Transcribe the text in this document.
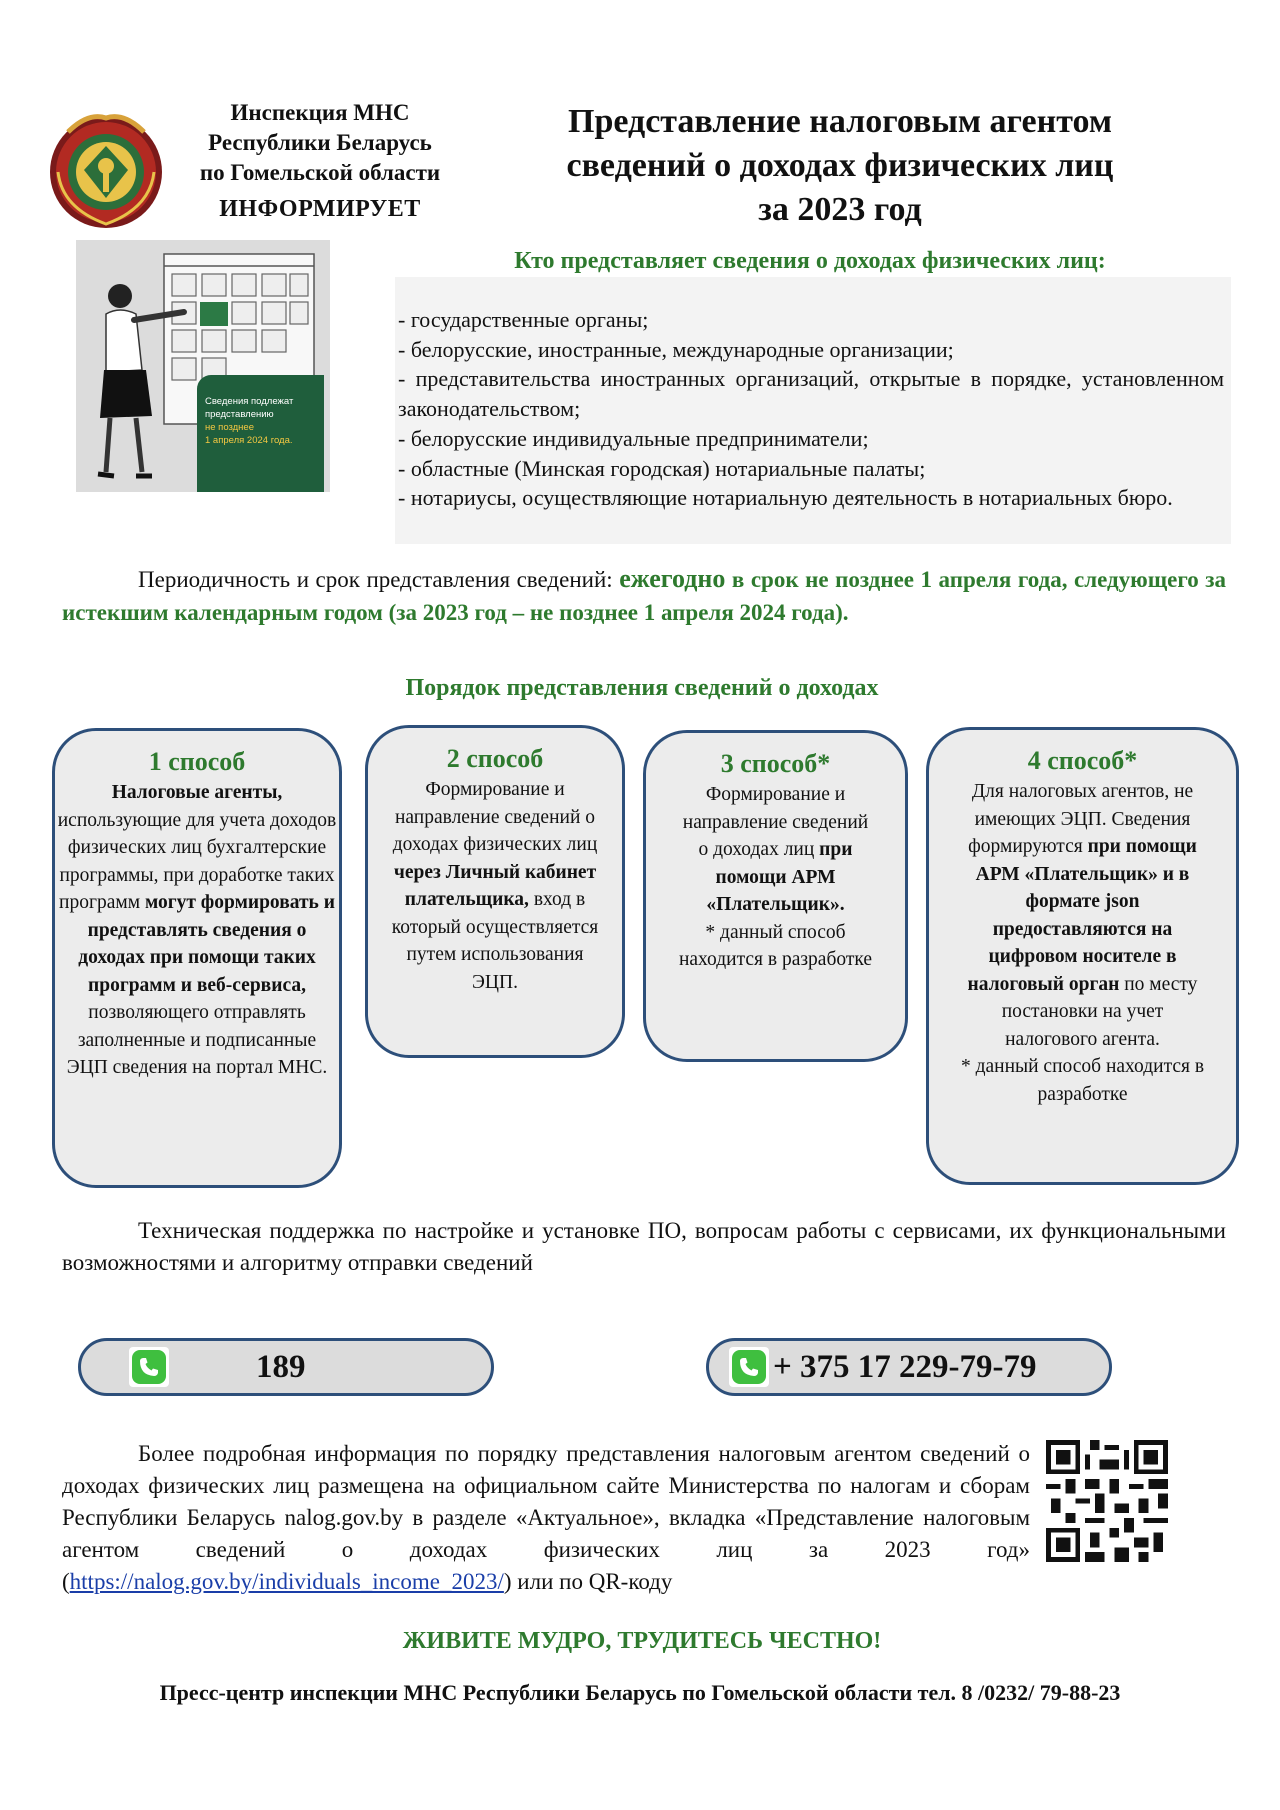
Инспекция МНС
Республики Беларусь
по Гомельской области
ИНФОРМИРУЕТ
Представление налоговым агентом
сведений о доходах физических лиц
за 2023 год
Сведения подлежат
представлению
не позднее
1 апреля 2024 года.
Кто представляет сведения о доходах физических лиц:
- государственные органы;
- белорусские, иностранные, международные организации;
- представительства иностранных организаций, открытые в порядке, установленном законодательством;
- белорусские индивидуальные предприниматели;
- областные (Минская городская) нотариальные палаты;
- нотариусы, осуществляющие нотариальную деятельность в нотариальных бюро.
Периодичность и срок представления сведений: ежегодно в срок не позднее 1 апреля года, следующего за истекшим календарным годом (за 2023 год – не позднее 1 апреля 2024 года).
Порядок представления сведений о доходах
1 способ
Налоговые агенты,
использующие для учета доходов физических лиц бухгалтерские программы, при доработке таких программ могут формировать и представлять сведения о доходах при помощи таких программ и веб-сервиса, позволяющего отправлять заполненные и подписанные ЭЦП сведения на портал МНС.
2 способ
Формирование и направление сведений о доходах физических лиц через Личный кабинет плательщика, вход в который осуществляется путем использования ЭЦП.
3 способ*
Формирование и направление сведений о доходах лиц при помощи АРМ «Плательщик».
* данный способ находится в разработке
4 способ*
Для налоговых агентов, не имеющих ЭЦП. Сведения формируются при помощи АРМ «Плательщик» и в формате json предоставляются на цифровом носителе в налоговый орган по месту постановки на учет налогового агента.
* данный способ находится в разработке
Техническая поддержка по настройке и установке ПО, вопросам работы с сервисами, их функциональными возможностями и алгоритму отправки сведений
189	+ 375 17 229-79-79
Более подробная информация по порядку представления налоговым агентом сведений о доходах физических лиц размещена на официальном сайте Министерства по налогам и сборам Республики Беларусь nalog.gov.by в разделе «Актуальное», вкладка «Представление налоговым агентом сведений о доходах физических лиц за 2023 год» (https://nalog.gov.by/individuals_income_2023/) или по QR-коду
ЖИВИТЕ МУДРО, ТРУДИТЕСЬ ЧЕСТНО!
Пресс-центр инспекции МНС Республики Беларусь по Гомельской области тел. 8 /0232/ 79-88-23
